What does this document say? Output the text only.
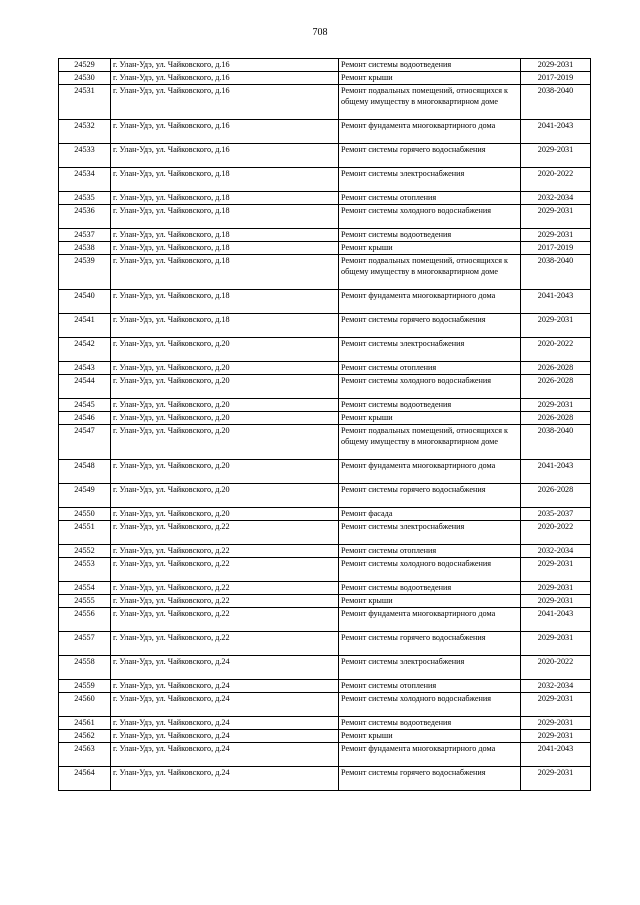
708
24529	г. Улан-Удэ, ул. Чайковского, д.16	Ремонт системы водоотведения	2029-2031
24530	г. Улан-Удэ, ул. Чайковского, д.16	Ремонт крыши	2017-2019
24531	г. Улан-Удэ, ул. Чайковского, д.16	Ремонт подвальных помещений, относящихся к общему имуществу в многоквартирном доме	2038-2040
24532	г. Улан-Удэ, ул. Чайковского, д.16	Ремонт фундамента многоквартирного дома	2041-2043
24533	г. Улан-Удэ, ул. Чайковского, д.16	Ремонт системы горячего водоснабжения	2029-2031
24534	г. Улан-Удэ, ул. Чайковского, д.18	Ремонт системы электроснабжения	2020-2022
24535	г. Улан-Удэ, ул. Чайковского, д.18	Ремонт системы отопления	2032-2034
24536	г. Улан-Удэ, ул. Чайковского, д.18	Ремонт системы холодного водоснабжения	2029-2031
24537	г. Улан-Удэ, ул. Чайковского, д.18	Ремонт системы водоотведения	2029-2031
24538	г. Улан-Удэ, ул. Чайковского, д.18	Ремонт крыши	2017-2019
24539	г. Улан-Удэ, ул. Чайковского, д.18	Ремонт подвальных помещений, относящихся к общему имуществу в многоквартирном доме	2038-2040
24540	г. Улан-Удэ, ул. Чайковского, д.18	Ремонт фундамента многоквартирного дома	2041-2043
24541	г. Улан-Удэ, ул. Чайковского, д.18	Ремонт системы горячего водоснабжения	2029-2031
24542	г. Улан-Удэ, ул. Чайковского, д.20	Ремонт системы электроснабжения	2020-2022
24543	г. Улан-Удэ, ул. Чайковского, д.20	Ремонт системы отопления	2026-2028
24544	г. Улан-Удэ, ул. Чайковского, д.20	Ремонт системы холодного водоснабжения	2026-2028
24545	г. Улан-Удэ, ул. Чайковского, д.20	Ремонт системы водоотведения	2029-2031
24546	г. Улан-Удэ, ул. Чайковского, д.20	Ремонт крыши	2026-2028
24547	г. Улан-Удэ, ул. Чайковского, д.20	Ремонт подвальных помещений, относящихся к общему имуществу в многоквартирном доме	2038-2040
24548	г. Улан-Удэ, ул. Чайковского, д.20	Ремонт фундамента многоквартирного дома	2041-2043
24549	г. Улан-Удэ, ул. Чайковского, д.20	Ремонт системы горячего водоснабжения	2026-2028
24550	г. Улан-Удэ, ул. Чайковского, д.20	Ремонт фасада	2035-2037
24551	г. Улан-Удэ, ул. Чайковского, д.22	Ремонт системы электроснабжения	2020-2022
24552	г. Улан-Удэ, ул. Чайковского, д.22	Ремонт системы отопления	2032-2034
24553	г. Улан-Удэ, ул. Чайковского, д.22	Ремонт системы холодного водоснабжения	2029-2031
24554	г. Улан-Удэ, ул. Чайковского, д.22	Ремонт системы водоотведения	2029-2031
24555	г. Улан-Удэ, ул. Чайковского, д.22	Ремонт крыши	2029-2031
24556	г. Улан-Удэ, ул. Чайковского, д.22	Ремонт фундамента многоквартирного дома	2041-2043
24557	г. Улан-Удэ, ул. Чайковского, д.22	Ремонт системы горячего водоснабжения	2029-2031
24558	г. Улан-Удэ, ул. Чайковского, д.24	Ремонт системы электроснабжения	2020-2022
24559	г. Улан-Удэ, ул. Чайковского, д.24	Ремонт системы отопления	2032-2034
24560	г. Улан-Удэ, ул. Чайковского, д.24	Ремонт системы холодного водоснабжения	2029-2031
24561	г. Улан-Удэ, ул. Чайковского, д.24	Ремонт системы водоотведения	2029-2031
24562	г. Улан-Удэ, ул. Чайковского, д.24	Ремонт крыши	2029-2031
24563	г. Улан-Удэ, ул. Чайковского, д.24	Ремонт фундамента многоквартирного дома	2041-2043
24564	г. Улан-Удэ, ул. Чайковского, д.24	Ремонт системы горячего водоснабжения	2029-2031
